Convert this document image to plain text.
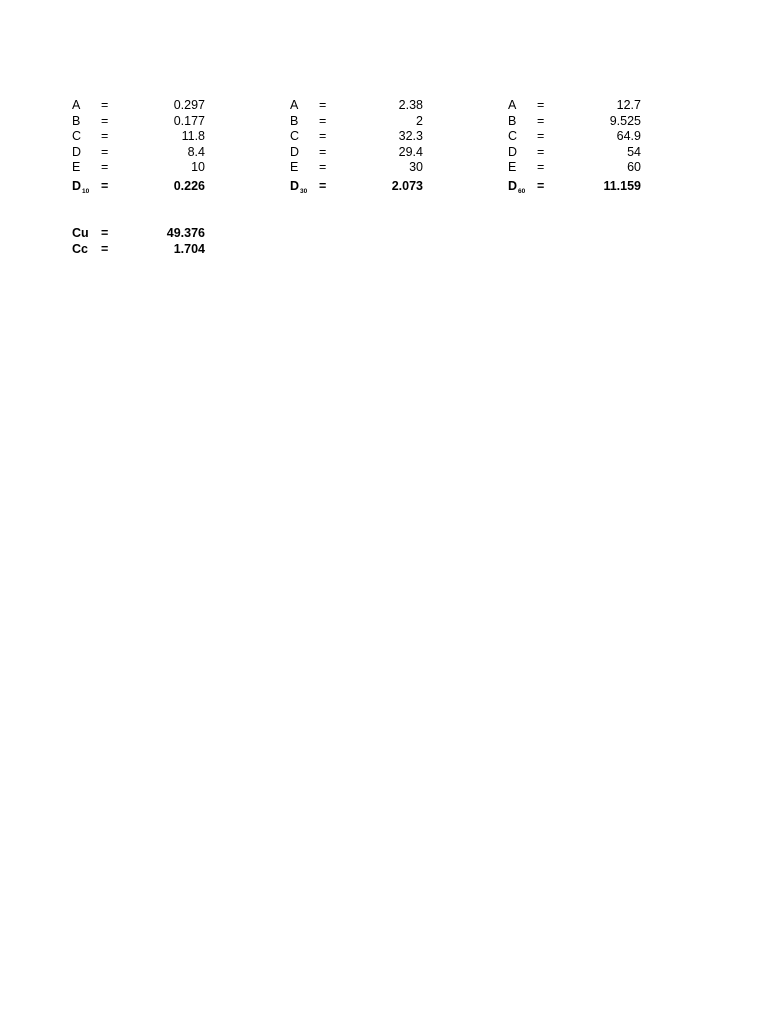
A =	0.297
B =	0.177
C =	11.8
D =	8.4
E =	10
$D_{10}$ =	0.226
A =	2.38
B =	2
C =	32.3
D =	29.4
E =	30
$D_{30}$ =	2.073
A =	12.7
B =	9.525
C =	64.9
D =	54
E =	60
$D_{60}$ =	11.159
Cu =	49.376
Cc =	1.704
